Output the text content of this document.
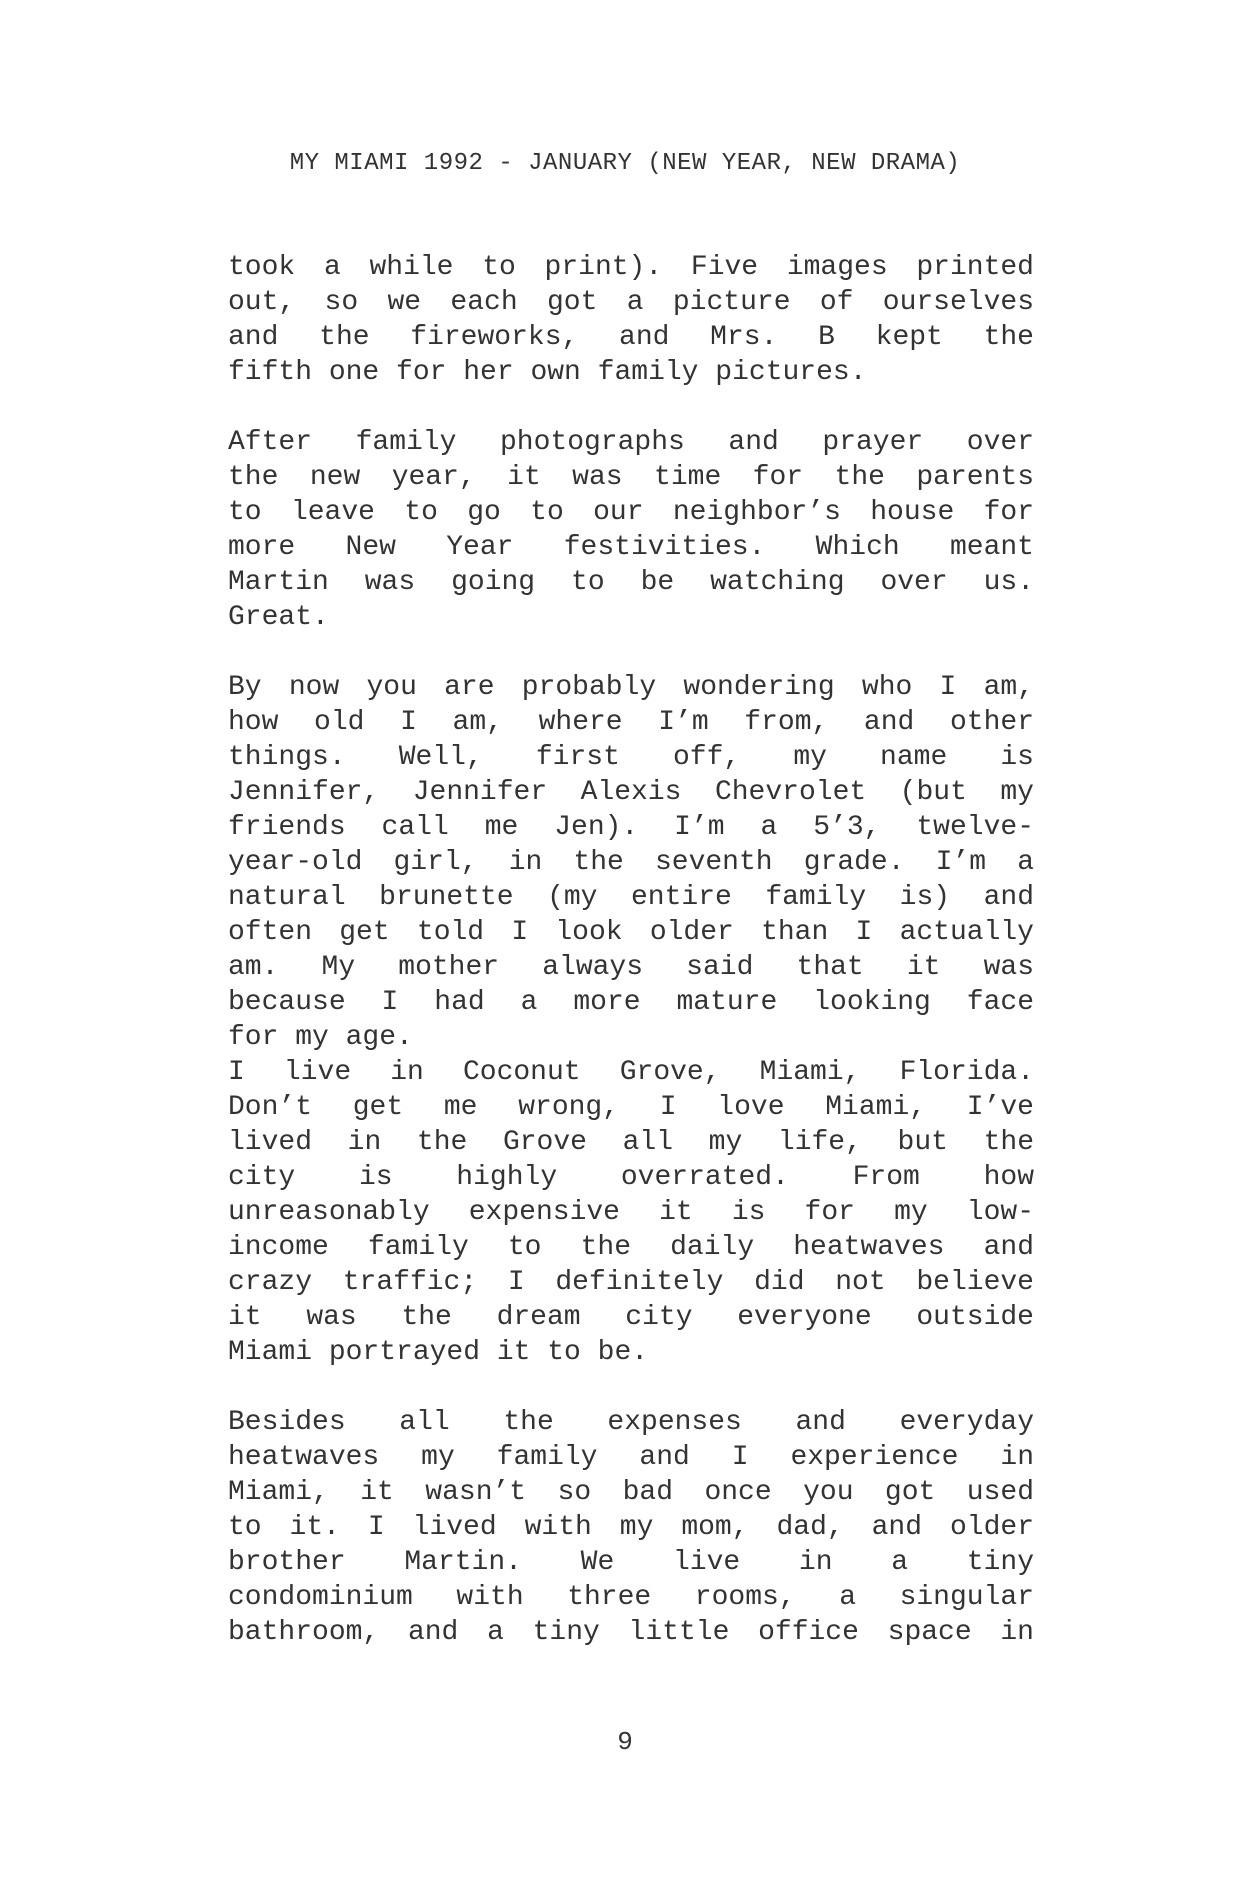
MY MIAMI 1992 - JANUARY (NEW YEAR, NEW DRAMA)
took a while to print). Five images printed
out, so we each got a picture of ourselves
and the fireworks, and Mrs. B kept the
fifth one for her own family pictures.
After family photographs and prayer over
the new year, it was time for the parents
to leave to go to our neighbor’s house for
more New Year festivities. Which meant
Martin was going to be watching over us.
Great.
By now you are probably wondering who I am,
how old I am, where I’m from, and other
things. Well, first off, my name is
Jennifer, Jennifer Alexis Chevrolet (but my
friends call me Jen). I’m a 5’3, twelve-
year-old girl, in the seventh grade. I’m a
natural brunette (my entire family is) and
often get told I look older than I actually
am. My mother always said that it was
because I had a more mature looking face
for my age.
I live in Coconut Grove, Miami, Florida.
Don’t get me wrong, I love Miami, I’ve
lived in the Grove all my life, but the
city is highly overrated. From how
unreasonably expensive it is for my low-
income family to the daily heatwaves and
crazy traffic; I definitely did not believe
it was the dream city everyone outside
Miami portrayed it to be.
Besides all the expenses and everyday
heatwaves my family and I experience in
Miami, it wasn’t so bad once you got used
to it. I lived with my mom, dad, and older
brother Martin. We live in a tiny
condominium with three rooms, a singular
bathroom, and a tiny little office space in
9
